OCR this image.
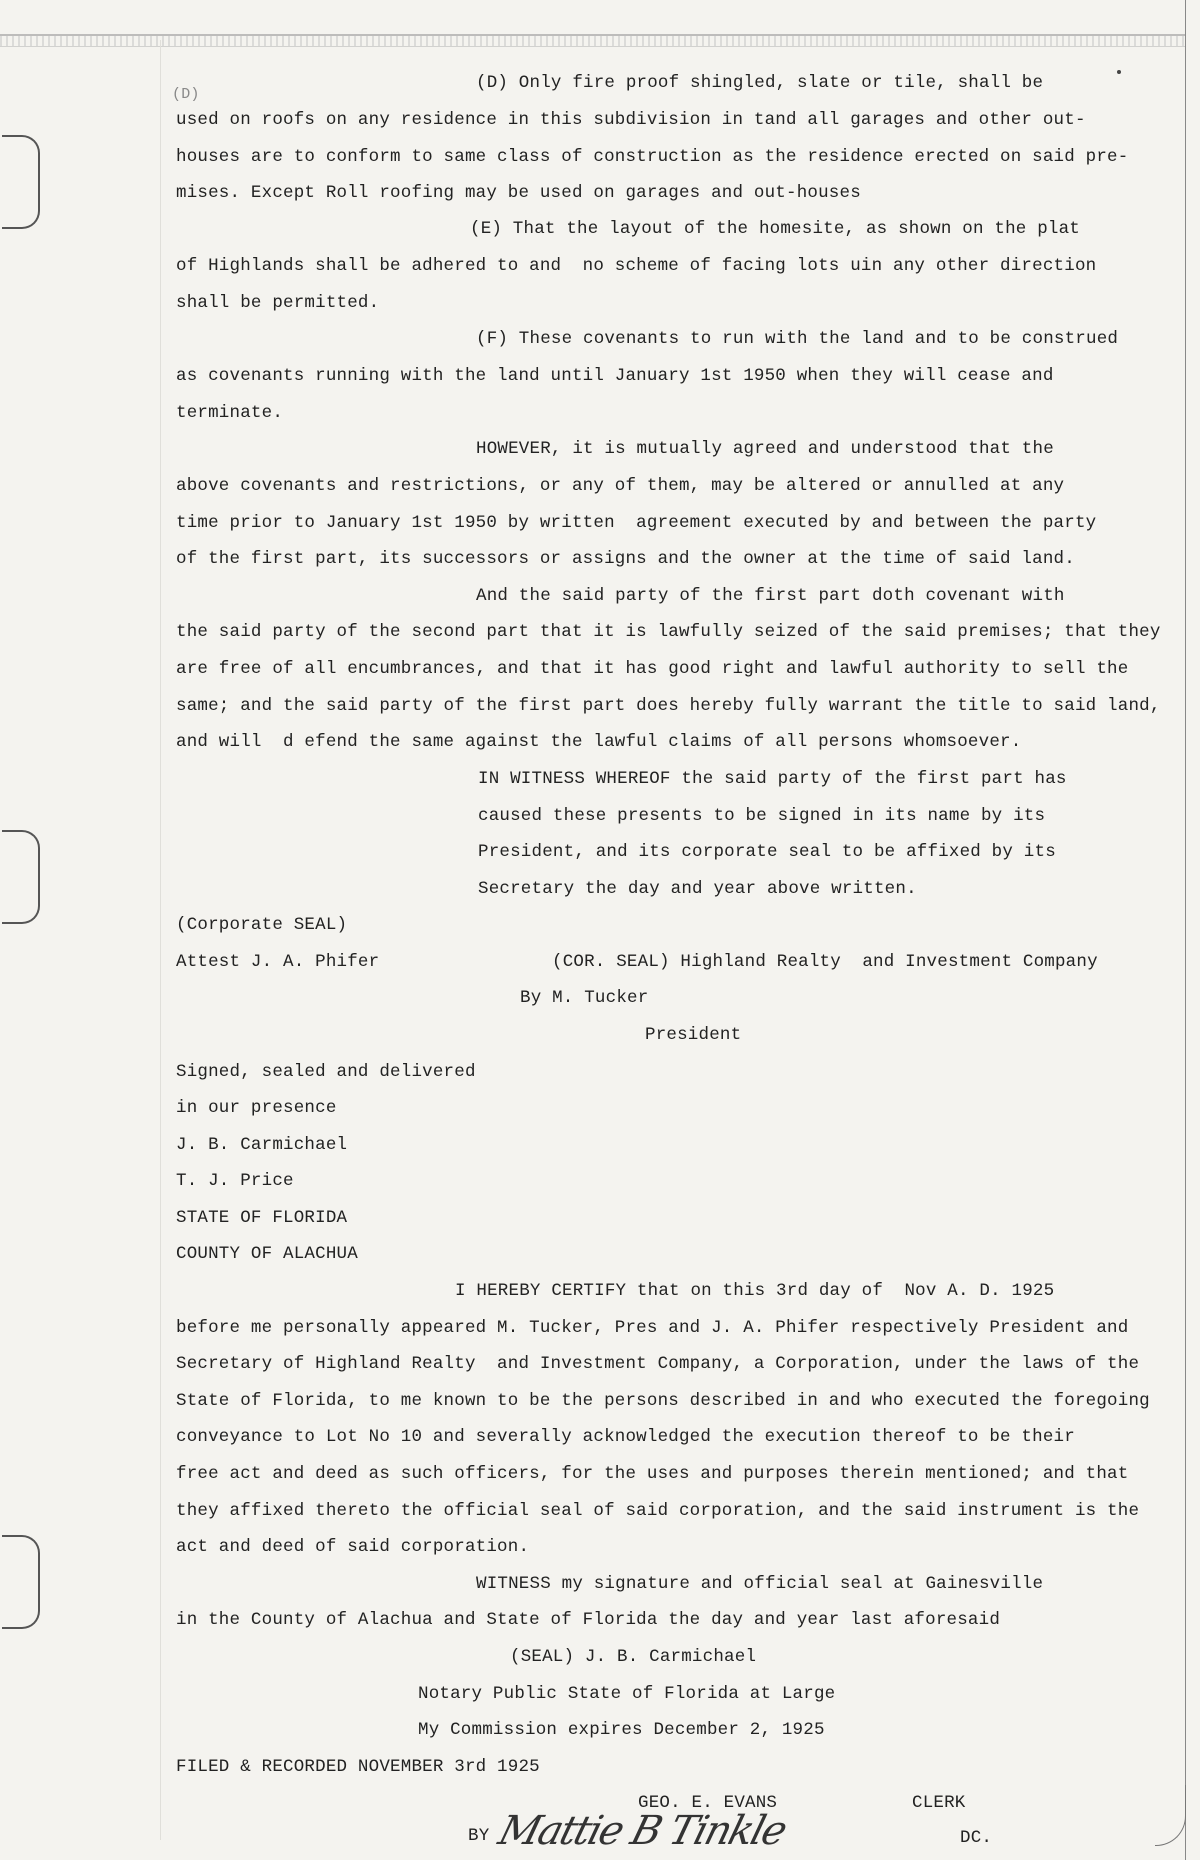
(D)
(D) Only fire proof shingled, slate or tile, shall be
used on roofs on any residence in this subdivision in tand all garages and other out-
houses are to conform to same class of construction as the residence erected on said pre-
mises. Except Roll roofing may be used on garages and out-houses
(E) That the layout of the homesite, as shown on the plat
of Highlands shall be adhered to and  no scheme of facing lots uin any other direction
shall be permitted.
(F) These covenants to run with the land and to be construed
as covenants running with the land until January 1st 1950 when they will cease and
terminate.
HOWEVER, it is mutually agreed and understood that the
above covenants and restrictions, or any of them, may be altered or annulled at any
time prior to January 1st 1950 by written  agreement executed by and between the party
of the first part, its successors or assigns and the owner at the time of said land.
And the said party of the first part doth covenant with
the said party of the second part that it is lawfully seized of the said premises; that they
are free of all encumbrances, and that it has good right and lawful authority to sell the
same; and the said party of the first part does hereby fully warrant the title to said land,
and will  d efend the same against the lawful claims of all persons whomsoever.
IN WITNESS WHEREOF the said party of the first part has
caused these presents to be signed in its name by its
President, and its corporate seal to be affixed by its
Secretary the day and year above written.
(Corporate SEAL)
Attest J. A. Phifer	(COR. SEAL) Highland Realty  and Investment Company
By M. Tucker
President
Signed, sealed and delivered
in our presence
J. B. Carmichael
T. J. Price
STATE OF FLORIDA
COUNTY OF ALACHUA
I HEREBY CERTIFY that on this 3rd day of  Nov A. D. 1925
before me personally appeared M. Tucker, Pres and J. A. Phifer respectively President and
Secretary of Highland Realty  and Investment Company, a Corporation, under the laws of the
State of Florida, to me known to be the persons described in and who executed the foregoing
conveyance to Lot No 10 and severally acknowledged the execution thereof to be their
free act and deed as such officers, for the uses and purposes therein mentioned; and that
they affixed thereto the official seal of said corporation, and the said instrument is the
act and deed of said corporation.
WITNESS my signature and official seal at Gainesville
in the County of Alachua and State of Florida the day and year last aforesaid
(SEAL) J. B. Carmichael
Notary Public State of Florida at Large
My Commission expires December 2, 1925
FILED & RECORDED NOVEMBER 3rd 1925
GEO. E. EVANS	CLERK
BY	DC.
Mattie B Tinkle
